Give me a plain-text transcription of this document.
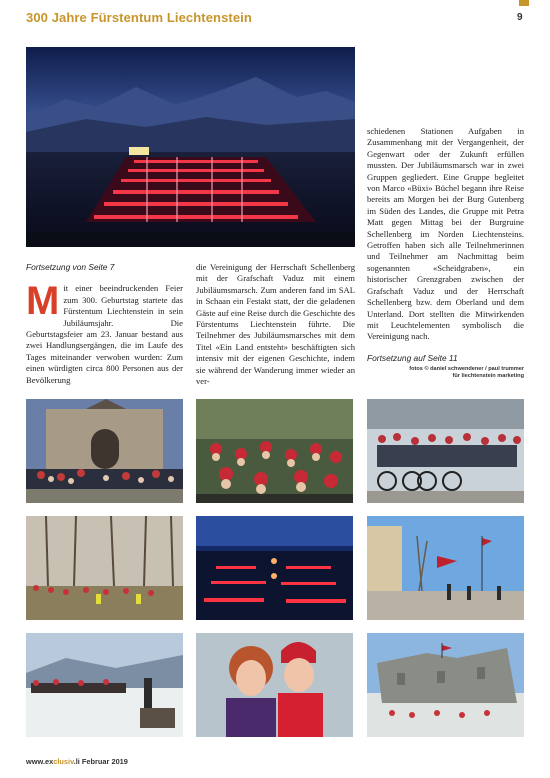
300 Jahre Fürstentum Liechtenstein	9
Fortsetzung von Seite 7

Mit einer beeindruckenden Feier zum 300. Geburtstag startete das Fürstentum Liechtenstein in sein Jubiläumsjahr. Die Geburtstagsfeier am 23. Januar bestand aus zwei Handlungsergängen, die im Laufe des Tages miteinander verwoben wurden: Zum einen würdigten circa 800 Personen aus der Bevölkerung

die Vereinigung der Herrschaft Schellenberg mit der Grafschaft Vaduz mit einem Jubiläumsmarsch. Zum anderen fand im SAL in Schaan ein Festakt statt, der die geladenen Gäste auf eine Reise durch die Geschichte des Fürstentums Liechtenstein führte. Die Teilnehmer des Jubiläumsmarsches mit dem Titel «Ein Land entsteht» beschäftigten sich intensiv mit der eigenen Geschichte, indem sie während der Wanderung immer wieder an ver-

schiedenen Stationen Aufgaben in Zusammenhang mit der Vergangenheit, der Gegenwart oder der Zukunft erfüllen mussten. Der Jubiläumsmarsch war in zwei Gruppen gegliedert. Eine Gruppe begleitet von Marco «Büxi» Büchel begann ihre Reise bereits am Morgen bei der Burg Gutenberg im Süden des Landes, die Gruppe mit Petra Matt gegen Mittag bei der Burgruine Schellenberg im Norden Liechtensteins. Getroffen haben sich alle Teilnehmerinnen und Teilnehmer am Nachmittag beim sogenannten «Scheidgraben», ein historischer Grenzgraben zwischen der Grafschaft Vaduz und der Herrschaft Schellenberg bzw. dem Oberland und dem Unterland. Dort stellten die Mitwirkenden mit Leuchtelementen symbolisch die Vereinigung nach.

Fortsetzung auf Seite 11
fotos © daniel schwendener / paul trummer
für liechtenstein marketing
www.exclusiv.li Februar 2019
